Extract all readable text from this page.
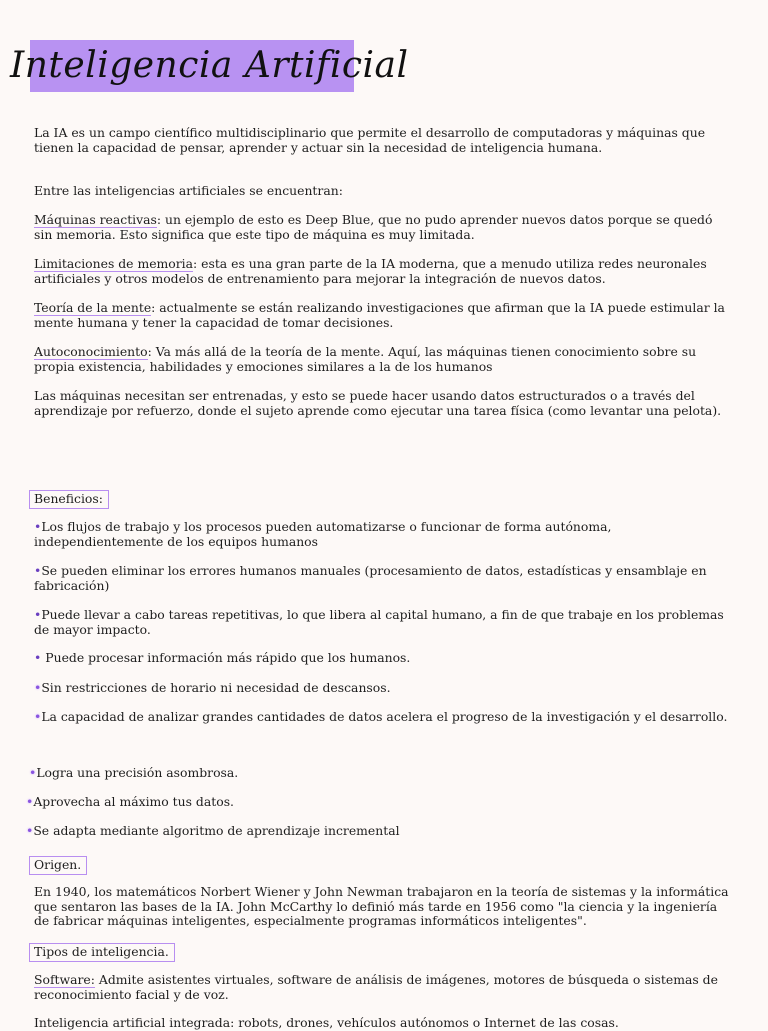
Inteligencia Artificial

La IA es un campo científico multidisciplinario que permite el desarrollo de computadoras y máquinas que tienen la capacidad de pensar, aprender y actuar sin la necesidad de inteligencia humana.

Entre las inteligencias artificiales se encuentran:

Máquinas reactivas: un ejemplo de esto es Deep Blue, que no pudo aprender nuevos datos porque se quedó sin memoria. Esto significa que este tipo de máquina es muy limitada.

Limitaciones de memoria: esta es una gran parte de la IA moderna, que a menudo utiliza redes neuronales artificiales y otros modelos de entrenamiento para mejorar la integración de nuevos datos.

Teoría de la mente: actualmente se están realizando investigaciones que afirman que la IA puede estimular la mente humana y tener la capacidad de tomar decisiones.

Autoconocimiento: Va más allá de la teoría de la mente. Aquí, las máquinas tienen conocimiento sobre su propia existencia, habilidades y emociones similares a la de los humanos

Las máquinas necesitan ser entrenadas, y esto se puede hacer usando datos estructurados o a través del aprendizaje por refuerzo, donde el sujeto aprende como ejecutar una tarea física (como levantar una pelota).

Beneficios:

•Los flujos de trabajo y los procesos pueden automatizarse o funcionar de forma autónoma, independientemente de los equipos humanos

•Se pueden eliminar los errores humanos manuales (procesamiento de datos, estadísticas y ensamblaje en fabricación)

•Puede llevar a cabo tareas repetitivas, lo que libera al capital humano, a fin de que trabaje en los problemas de mayor impacto.

• Puede procesar información más rápido que los humanos.

•Sin restricciones de horario ni necesidad de descansos.

•La capacidad de analizar grandes cantidades de datos acelera el progreso de la investigación y el desarrollo.

•Logra una precisión asombrosa.

•Aprovecha al máximo tus datos.

•Se adapta mediante algoritmo de aprendizaje incremental

Origen.

En 1940, los matemáticos Norbert Wiener y John Newman trabajaron en la teoría de sistemas y la informática que sentaron las bases de la IA. John McCarthy lo definió más tarde en 1956 como "la ciencia y la ingeniería de fabricar máquinas inteligentes, especialmente programas informáticos inteligentes".

Tipos de inteligencia.

Software: Admite asistentes virtuales, software de análisis de imágenes, motores de búsqueda o sistemas de reconocimiento facial y de voz.

Inteligencia artificial integrada: robots, drones, vehículos autónomos o Internet de las cosas.
